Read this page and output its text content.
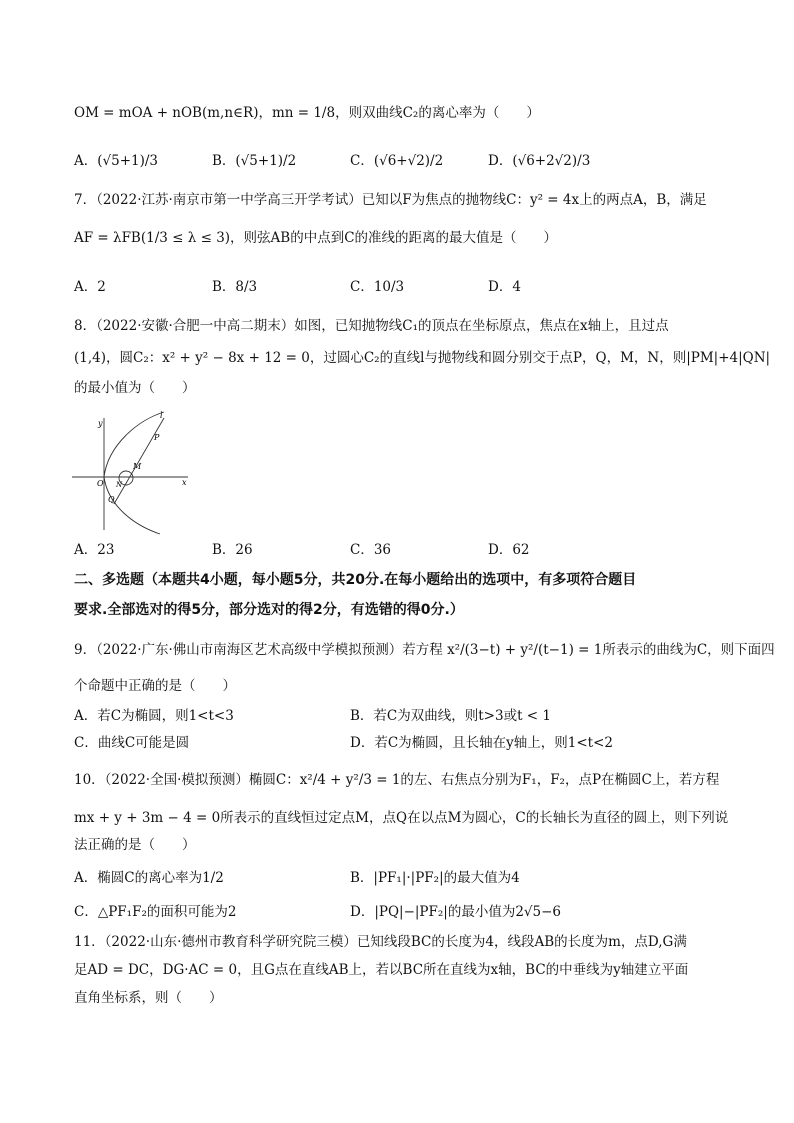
OM = mOA + nOB(m,n∈R)，mn = 1/8，则双曲线C₂的离心率为（　　）
A．(√5+1)/3	B．(√5+1)/2	C．(√6+√2)/2	D．(√6+2√2)/3
7．（2022·江苏·南京市第一中学高三开学考试）已知以F为焦点的抛物线C：y² = 4x上的两点A，B，满足
AF = λFB(1/3 ≤ λ ≤ 3)，则弦AB的中点到C的准线的距离的最大值是（　　）
A．2	B．8/3	C．10/3	D．4
8．（2022·安徽·合肥一中高二期末）如图，已知抛物线C₁的顶点在坐标原点，焦点在x轴上，且过点
(1,4)，圆C₂：x² + y² − 8x + 12 = 0，过圆心C₂的直线l与抛物线和圆分别交于点P，Q，M，N，则|PM|+4|QN|
的最小值为（　　）
y
x
l
P
M
O N
Q
A．23	B．26	C．36	D．62
二、多选题（本题共4小题，每小题5分，共20分.在每小题给出的选项中，有多项符合题目
要求.全部选对的得5分，部分选对的得2分，有选错的得0分.）
9．（2022·广东·佛山市南海区艺术高级中学模拟预测）若方程 x²/(3−t) + y²/(t−1) = 1所表示的曲线为C，则下面四
个命题中正确的是（　　）
A．若C为椭圆，则1<t<3	B．若C为双曲线，则t>3或t < 1
C．曲线C可能是圆	D．若C为椭圆，且长轴在y轴上，则1<t<2
10．（2022·全国·模拟预测）椭圆C：x²/4 + y²/3 = 1的左、右焦点分别为F₁，F₂，点P在椭圆C上，若方程
mx + y + 3m − 4 = 0所表示的直线恒过定点M，点Q在以点M为圆心，C的长轴长为直径的圆上，则下列说
法正确的是（　　）
A．椭圆C的离心率为1/2	B．|PF₁|·|PF₂|的最大值为4
C．△PF₁F₂的面积可能为2	D．|PQ|−|PF₂|的最小值为2√5−6
11．（2022·山东·德州市教育科学研究院三模）已知线段BC的长度为4，线段AB的长度为m，点D,G满
足AD = DC，DG·AC = 0，且G点在直线AB上，若以BC所在直线为x轴，BC的中垂线为y轴建立平面
直角坐标系，则（　　）
